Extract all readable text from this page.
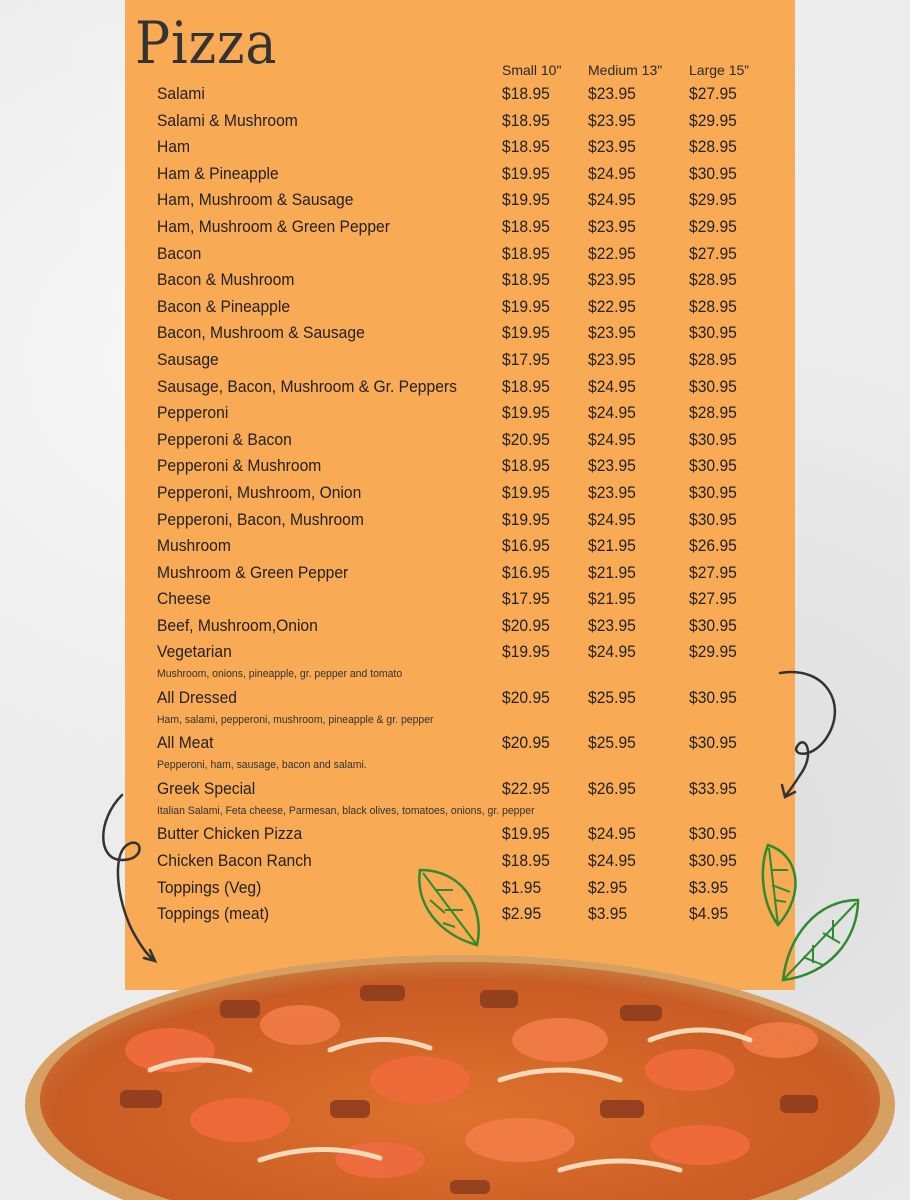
Pizza	Small 10" Medium 13" Large 15”
Salami	$18.95 $23.95	$27.95
Salami & Mushroom	$18.95 $23.95	$29.95
Ham	$18.95 $23.95	$28.95
Ham & Pineapple	$19.95 $24.95	$30.95
Ham, Mushroom & Sausage	$19.95 $24.95	$29.95
Ham, Mushroom & Green Pepper	$18.95 $23.95	$29.95
Bacon	$18.95 $22.95	$27.95
Bacon & Mushroom	$18.95 $23.95	$28.95
Bacon & Pineapple	$19.95 $22.95	$28.95
Bacon, Mushroom & Sausage	$19.95 $23.95	$30.95
Sausage	$17.95 $23.95	$28.95
Sausage, Bacon, Mushroom & Gr. Peppers	$18.95 $24.95	$30.95
Pepperoni	$19.95 $24.95	$28.95
Pepperoni & Bacon	$20.95 $24.95	$30.95
Pepperoni & Mushroom	$18.95 $23.95	$30.95
Pepperoni, Mushroom, Onion	$19.95 $23.95	$30.95
Pepperoni, Bacon, Mushroom	$19.95 $24.95	$30.95
Mushroom	$16.95 $21.95	$26.95
Mushroom & Green Pepper	$16.95 $21.95	$27.95
Cheese	$17.95 $21.95	$27.95
Beef, Mushroom,Onion	$20.95 $23.95	$30.95
Vegetarian	$19.95 $24.95	$29.95
Mushroom, onions, pineapple, gr. pepper and tomato
All Dressed	$20.95 $25.95	$30.95
Ham, salami, pepperoni, mushroom, pineapple & gr. pepper
All Meat	$20.95 $25.95	$30.95
Pepperoni, ham, sausage, bacon and salami.
Greek Special	$22.95 $26.95	$33.95
Italian Salami, Feta cheese, Parmesan, black olives, tomatoes, onions, gr. pepper
Butter Chicken Pizza	$19.95 $24.95	$30.95
Chicken Bacon Ranch	$18.95 $24.95	$30.95
Toppings (Veg)	$1.95	$2.95	$3.95
Toppings (meat)	$2.95	$3.95	$4.95
